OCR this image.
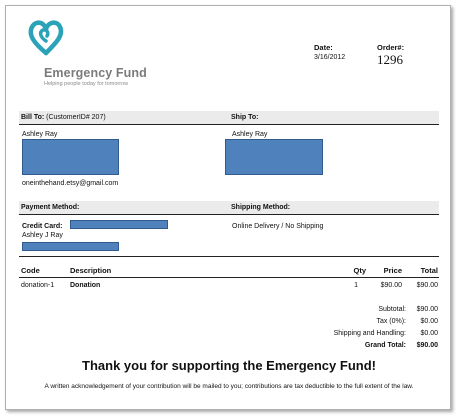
Emergency Fund
Helping people today for tomorrow
Date:
3/16/2012
Order#:
1296
Bill To: (CustomerID# 207)	Ship To:
Ashley Ray
oneinthehand.etsy@gmail.com
Ashley Ray
Payment Method:	Shipping Method:
Credit Card:
Ashley J Ray
Online Delivery / No Shipping
Code	Description	Qty	Price	Total
donation-1 Donation	1	$90.00	$90.00
Subtotal:	$90.00
Tax (0%):	$0.00
Shipping and Handling:	$0.00
Grand Total:	$90.00
Thank you for supporting the Emergency Fund!
A written acknowledgement of your contribution will be mailed to you; contributions are tax deductible to the full extent of the law.
